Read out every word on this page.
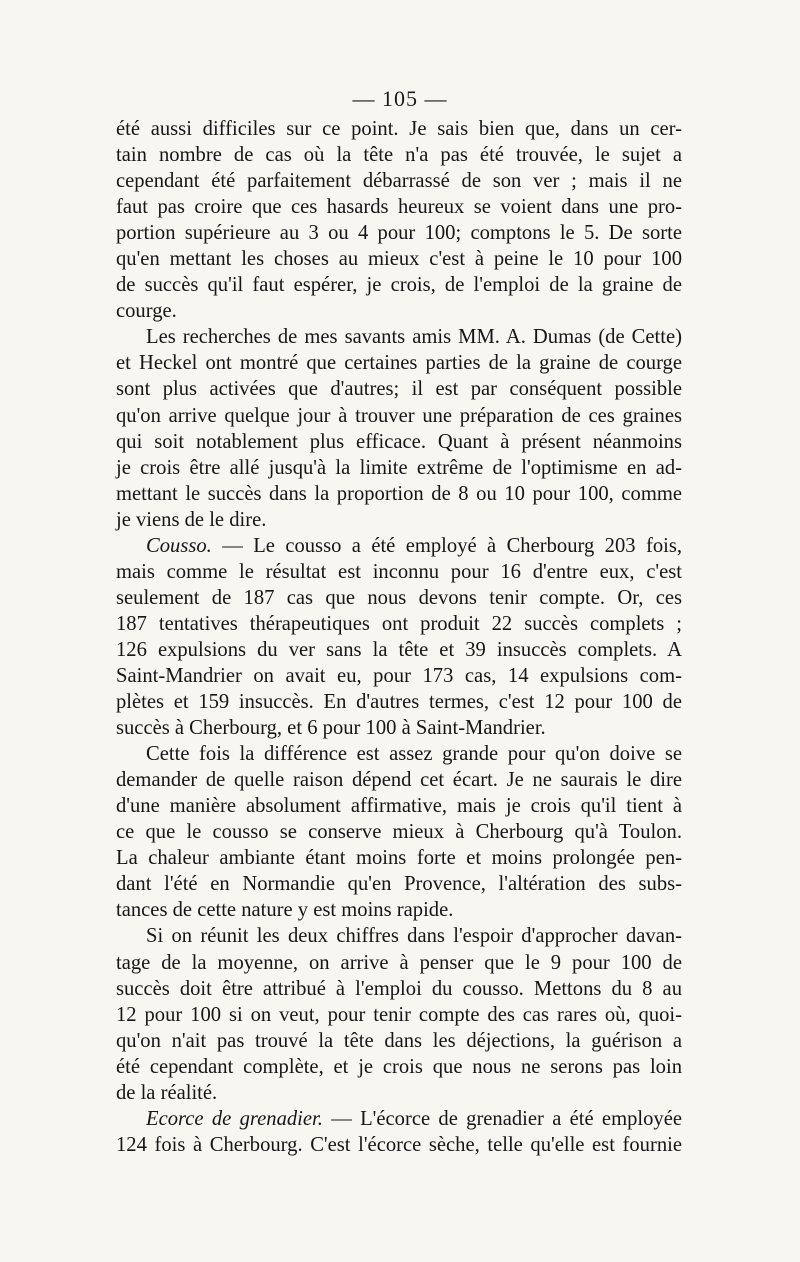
— 105 —

été aussi difficiles sur ce point. Je sais bien que, dans un cer-
tain nombre de cas où la tête n'a pas été trouvée, le sujet a
cependant été parfaitement débarrassé de son ver ; mais il ne
faut pas croire que ces hasards heureux se voient dans une pro-
portion supérieure au 3 ou 4 pour 100; comptons le 5. De sorte
qu'en mettant les choses au mieux c'est à peine le 10 pour 100
de succès qu'il faut espérer, je crois, de l'emploi de la graine de
courge.

Les recherches de mes savants amis MM. A. Dumas (de Cette)
et Heckel ont montré que certaines parties de la graine de courge
sont plus activées que d'autres; il est par conséquent possible
qu'on arrive quelque jour à trouver une préparation de ces graines
qui soit notablement plus efficace. Quant à présent néanmoins
je crois être allé jusqu'à la limite extrême de l'optimisme en ad-
mettant le succès dans la proportion de 8 ou 10 pour 100, comme
je viens de le dire.

Cousso. — Le cousso a été employé à Cherbourg 203 fois,
mais comme le résultat est inconnu pour 16 d'entre eux, c'est
seulement de 187 cas que nous devons tenir compte. Or, ces
187 tentatives thérapeutiques ont produit 22 succès complets ;
126 expulsions du ver sans la tête et 39 insuccès complets. A
Saint-Mandrier on avait eu, pour 173 cas, 14 expulsions com-
plètes et 159 insuccès. En d'autres termes, c'est 12 pour 100 de
succès à Cherbourg, et 6 pour 100 à Saint-Mandrier.

Cette fois la différence est assez grande pour qu'on doive se
demander de quelle raison dépend cet écart. Je ne saurais le dire
d'une manière absolument affirmative, mais je crois qu'il tient à
ce que le cousso se conserve mieux à Cherbourg qu'à Toulon.
La chaleur ambiante étant moins forte et moins prolongée pen-
dant l'été en Normandie qu'en Provence, l'altération des subs-
tances de cette nature y est moins rapide.

Si on réunit les deux chiffres dans l'espoir d'approcher davan-
tage de la moyenne, on arrive à penser que le 9 pour 100 de
succès doit être attribué à l'emploi du cousso. Mettons du 8 au
12 pour 100 si on veut, pour tenir compte des cas rares où, quoi-
qu'on n'ait pas trouvé la tête dans les déjections, la guérison a
été cependant complète, et je crois que nous ne serons pas loin
de la réalité.

Ecorce de grenadier. — L'écorce de grenadier a été employée
124 fois à Cherbourg. C'est l'écorce sèche, telle qu'elle est fournie
